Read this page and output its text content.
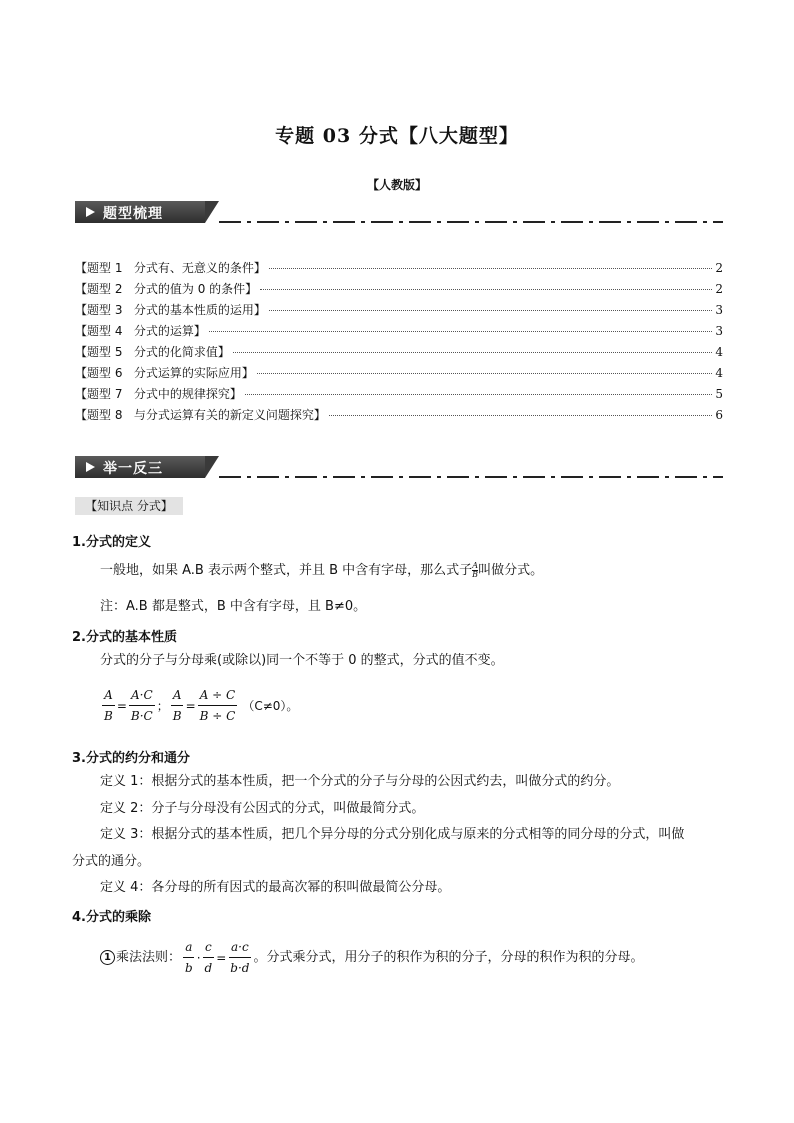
专题 03 分式【八大题型】
【人教版】
题型梳理
【题型 1 分式有、无意义的条件】	2
【题型 2 分式的值为 0 的条件】	2
【题型 3 分式的基本性质的运用】	3
【题型 4 分式的运算】	3
【题型 5 分式的化简求值】	4
【题型 6 分式运算的实际应用】	4
【题型 7 分式中的规律探究】	5
【题型 8 与分式运算有关的新定义问题探究】	6
举一反三
【知识点 分式】
1.分式的定义
一般地，如果 A.B 表示两个整式，并且 B 中含有字母，那么式子 $\frac{A}{B}$ 叫做分式。
注：A.B 都是整式，B 中含有字母，且 B≠0。
2.分式的基本性质
分式的分子与分母乘(或除以)同一个不等于 0 的整式，分式的值不变。
$\frac{A}{B} = \frac{A\cdot C}{B\cdot C}$ ； $\frac{A}{B} = \frac{A \div C}{B \div C} (C\ne 0)$。
3.分式的约分和通分
定义 1：根据分式的基本性质，把一个分式的分子与分母的公因式约去，叫做分式的约分。
定义 2：分子与分母没有公因式的分式，叫做最简分式。
定义 3：根据分式的基本性质，把几个异分母的分式分别化成与原来的分式相等的同分母的分式，叫做
分式的通分。
定义 4：各分母的所有因式的最高次幂的积叫做最简公分母。
4.分式的乘除
1 乘法法则： $\frac{a}{b} \cdot \frac{c}{d} = \frac{a\cdot c}{b\cdot d}$ 。分式乘分式，用分子的积作为积的分子，分母的积作为积的分母。
